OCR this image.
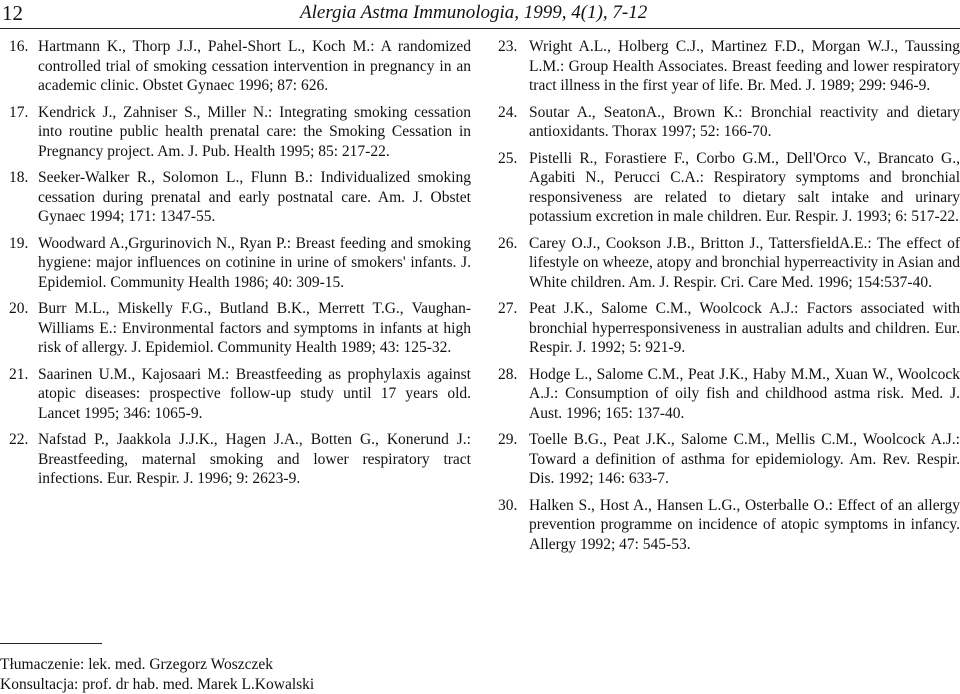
12	Alergia Astma Immunologia, 1999, 4(1), 7-12
16. Hartmann K., Thorp J.J., Pahel-Short L., Koch M.: A randomized controlled trial of smoking cessation intervention in pregnancy in an academic clinic. Obstet Gynaec 1996; 87: 626.
17. Kendrick J., Zahniser S., Miller N.: Integrating smoking cessation into routine public health prenatal care: the Smoking Cessation in Pregnancy project. Am. J. Pub. Health 1995; 85: 217-22.
18. Seeker-Walker R., Solomon L., Flunn B.: Individualized smoking cessation during prenatal and early postnatal care. Am. J. Obstet Gynaec 1994; 171: 1347-55.
19. Woodward A.,Grgurinovich N., Ryan P.: Breast feeding and smoking hygiene: major influences on cotinine in urine of smokers' infants. J. Epidemiol. Community Health 1986; 40: 309-15.
20. Burr M.L., Miskelly F.G., Butland B.K., Merrett T.G., Vaughan-Williams E.: Environmental factors and symptoms in infants at high risk of allergy. J. Epidemiol. Community Health 1989; 43: 125-32.
21. Saarinen U.M., Kajosaari M.: Breastfeeding as prophylaxis against atopic diseases: prospective follow-up study until 17 years old. Lancet 1995; 346: 1065-9.
22. Nafstad P., Jaakkola J.J.K., Hagen J.A., Botten G., Konerund J.: Breastfeeding, maternal smoking and lower respiratory tract infections. Eur. Respir. J. 1996; 9: 2623-9.
23. Wright A.L., Holberg C.J., Martinez F.D., Morgan W.J., Taussing L.M.: Group Health Associates. Breast feeding and lower respiratory tract illness in the first year of life. Br. Med. J. 1989; 299: 946-9.
24. Soutar A., SeatonA., Brown K.: Bronchial reactivity and dietary antioxidants. Thorax 1997; 52: 166-70.
25. Pistelli R., Forastiere F., Corbo G.M., Dell'Orco V., Brancato G., Agabiti N., Perucci C.A.: Respiratory symptoms and bronchial responsiveness are related to dietary salt intake and urinary potassium excretion in male children. Eur. Respir. J. 1993; 6: 517-22.
26. Carey O.J., Cookson J.B., Britton J., TattersfieldA.E.: The effect of lifestyle on wheeze, atopy and bronchial hyperreactivity in Asian and White children. Am. J. Respir. Cri. Care Med. 1996; 154:537-40.
27. Peat J.K., Salome C.M., Woolcock A.J.: Factors associated with bronchial hyperresponsiveness in australian adults and children. Eur. Respir. J. 1992; 5: 921-9.
28. Hodge L., Salome C.M., Peat J.K., Haby M.M., Xuan W., Woolcock A.J.: Consumption of oily fish and childhood astma risk. Med. J. Aust. 1996; 165: 137-40.
29. Toelle B.G., Peat J.K., Salome C.M., Mellis C.M., Woolcock A.J.: Toward a definition of asthma for epidemiology. Am. Rev. Respir. Dis. 1992; 146: 633-7.
30. Halken S., Host A., Hansen L.G., Osterballe O.: Effect of an allergy prevention programme on incidence of atopic symptoms in infancy. Allergy 1992; 47: 545-53.
Tłumaczenie: lek. med. Grzegorz Woszczek
Konsultacja: prof. dr hab. med. Marek L.Kowalski
